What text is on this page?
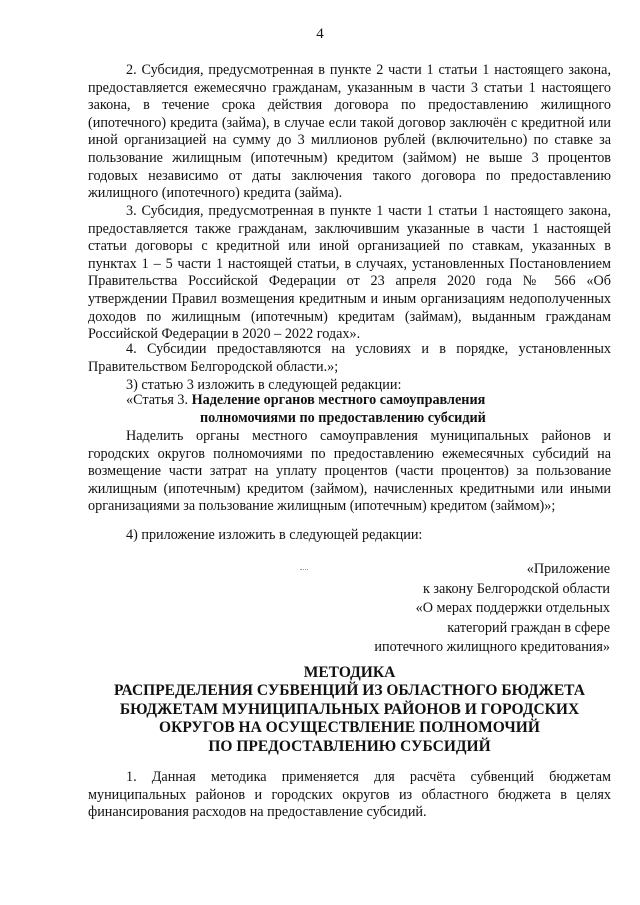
4

2. Субсидия, предусмотренная в пункте 2 части 1 статьи 1 настоящего закона, предоставляется ежемесячно гражданам, указанным в части 3 статьи 1 настоящего закона, в течение срока действия договора по предоставлению жилищного (ипотечного) кредита (займа), в случае если такой договор заключён с кредитной или иной организацией на сумму до 3 миллионов рублей (включительно) по ставке за пользование жилищным (ипотечным) кредитом (займом) не выше 3 процентов годовых независимо от даты заключения такого договора по предоставлению жилищного (ипотечного) кредита (займа).

3. Субсидия, предусмотренная в пункте 1 части 1 статьи 1 настоящего закона, предоставляется также гражданам, заключившим указанные в части 1 настоящей статьи договоры с кредитной или иной организацией по ставкам, указанных в пунктах 1 – 5 части 1 настоящей статьи, в случаях, установленных Постановлением Правительства Российской Федерации от 23 апреля 2020 года № 566 «Об утверждении Правил возмещения кредитным и иным организациям недополученных доходов по жилищным (ипотечным) кредитам (займам), выданным гражданам Российской Федерации в 2020 – 2022 годах».

4. Субсидии предоставляются на условиях и в порядке, установленных Правительством Белгородской области.»;

3) статью 3 изложить в следующей редакции:

«Статья 3. Наделение органов местного самоуправления

полномочиями по предоставлению субсидий

Наделить органы местного самоуправления муниципальных районов и городских округов полномочиями по предоставлению ежемесячных субсидий на возмещение части затрат на уплату процентов (части процентов) за пользование жилищным (ипотечным) кредитом (займом), начисленных кредитными или иными организациями за пользование жилищным (ипотечным) кредитом (займом)»;

4) приложение изложить в следующей редакции:

«Приложение
к закону Белгородской области
«О мерах поддержки отдельных
категорий граждан в сфере
ипотечного жилищного кредитования»
МЕТОДИКА
РАСПРЕДЕЛЕНИЯ СУБВЕНЦИЙ ИЗ ОБЛАСТНОГО БЮДЖЕТА
БЮДЖЕТАМ МУНИЦИПАЛЬНЫХ РАЙОНОВ И ГОРОДСКИХ
ОКРУГОВ НА ОСУЩЕСТВЛЕНИЕ ПОЛНОМОЧИЙ
ПО ПРЕДОСТАВЛЕНИЮ СУБСИДИЙ

1. Данная методика применяется для расчёта субвенций бюджетам муниципальных районов и городских округов из областного бюджета в целях финансирования расходов на предоставление субсидий.
